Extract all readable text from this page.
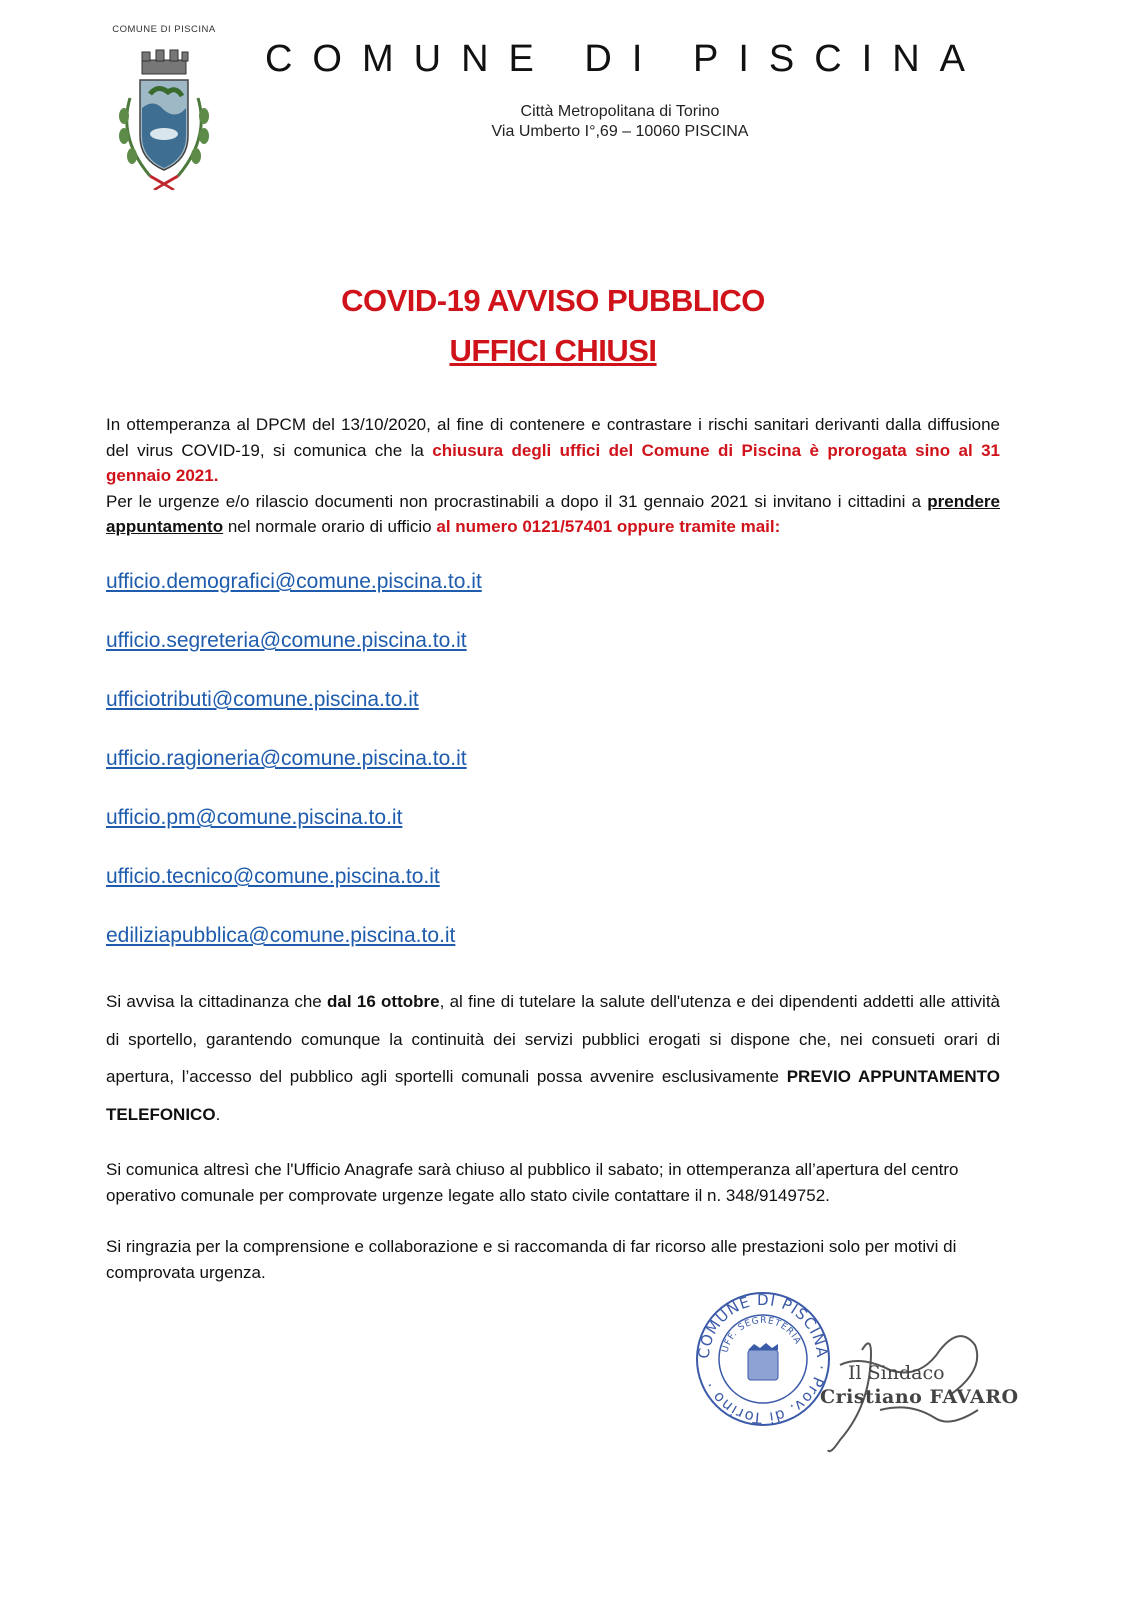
COMUNE DI PISCINA
COMUNE DI PISCINA
Città Metropolitana di Torino
Via Umberto I°,69 – 10060 PISCINA
COVID-19 AVVISO PUBBLICO
UFFICI CHIUSI
In ottemperanza al DPCM del 13/10/2020, al fine di contenere e contrastare i rischi sanitari derivanti dalla diffusione del virus COVID-19, si comunica che la chiusura degli uffici del Comune di Piscina è prorogata sino al 31 gennaio 2021.
Per le urgenze e/o rilascio documenti non procrastinabili a dopo il 31 gennaio 2021 si invitano i cittadini a prendere appuntamento nel normale orario di ufficio al numero 0121/57401 oppure tramite mail:
ufficio.demografici@comune.piscina.to.it
ufficio.segreteria@comune.piscina.to.it
ufficiotributi@comune.piscina.to.it
ufficio.ragioneria@comune.piscina.to.it
ufficio.pm@comune.piscina.to.it
ufficio.tecnico@comune.piscina.to.it
ediliziapubblica@comune.piscina.to.it
Si avvisa la cittadinanza che dal 16 ottobre, al fine di tutelare la salute dell'utenza e dei dipendenti addetti alle attività di sportello, garantendo comunque la continuità dei servizi pubblici erogati si dispone che, nei consueti orari di apertura, l’accesso del pubblico agli sportelli comunali possa avvenire esclusivamente PREVIO APPUNTAMENTO TELEFONICO.
Si comunica altresì che l'Ufficio Anagrafe sarà chiuso al pubblico il sabato; in ottemperanza all’apertura del centro operativo comunale per comprovate urgenze legate allo stato civile contattare il n. 348/9149752.
Si ringrazia per la comprensione e collaborazione e si raccomanda di far ricorso alle prestazioni solo per motivi di comprovata urgenza.
COMUNE DI PISCINA · Prov. di Torino ·
UFF. SEGRETERIA
Il Sindaco
Cristiano FAVARO
